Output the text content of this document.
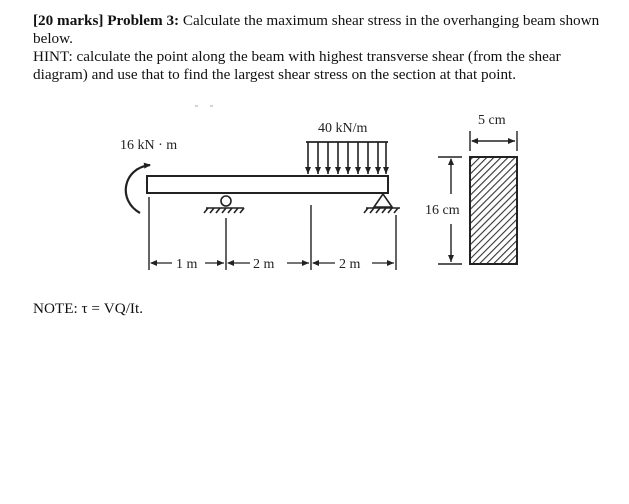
[20 marks] Problem 3: Calculate the maximum shear stress in the overhanging beam shown below.

HINT: calculate the point along the beam with highest transverse shear (from the shear diagram) and use that to find the largest shear stress on the section at that point.

16 kN · m
40 kN/m
1 m	2 m	2 m
16 cm
5 cm

NOTE: τ = VQ/It.
